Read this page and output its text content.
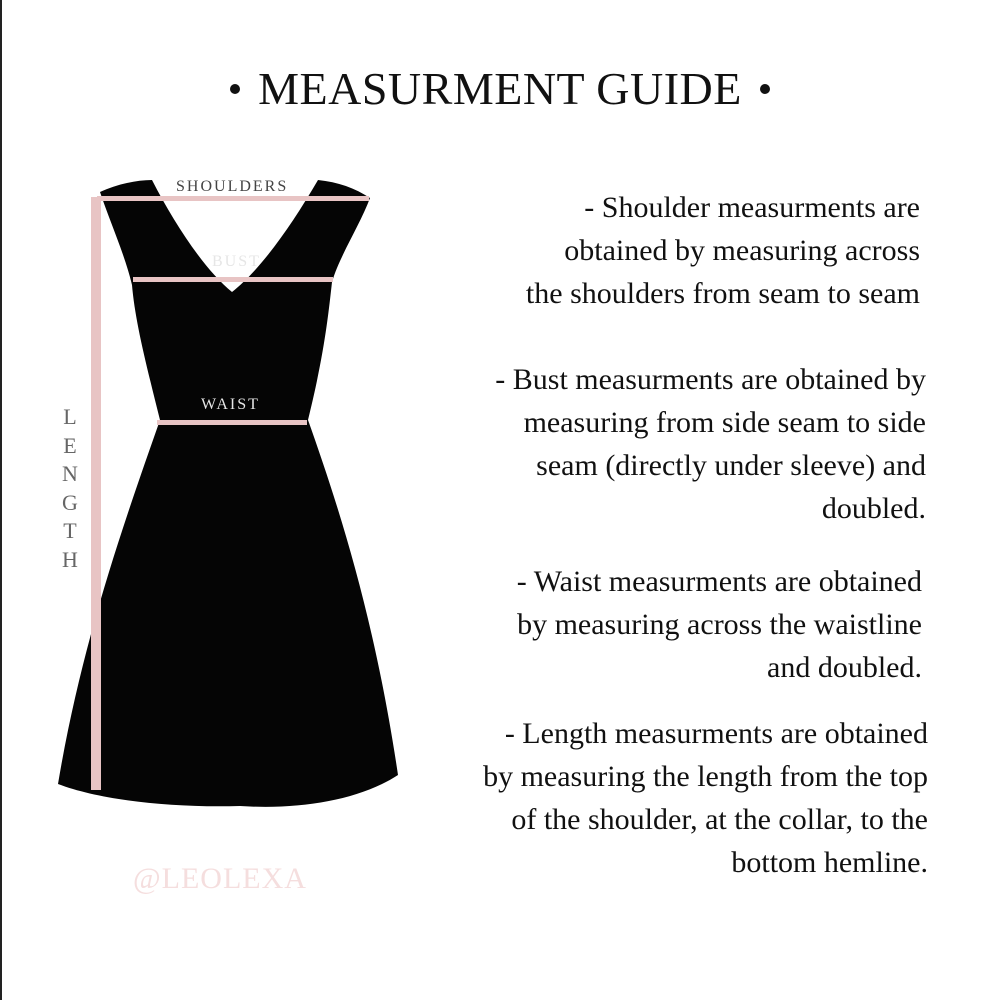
MEASURMENT GUIDE
SHOULDERS
BUST
WAIST
L
E
N
G
T
H
@LEOLEXA
- Shoulder measurments are
obtained by measuring across
the shoulders from seam to seam
- Bust measurments are obtained by
measuring from side seam to side
seam (directly under sleeve) and
doubled.
- Waist measurments are obtained
by measuring across the waistline
and doubled.
- Length measurments are obtained
by measuring the length from the top
of the shoulder, at the collar, to the
bottom hemline.
